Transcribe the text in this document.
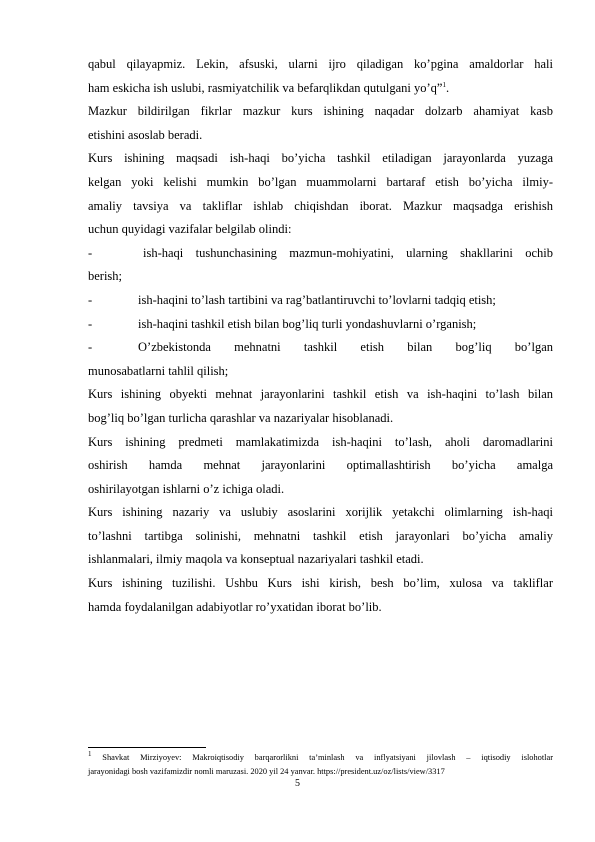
qabul qilayapmiz. Lekin, afsuski, ularni ijro qiladigan ko’pgina amaldorlar hali

ham eskicha ish uslubi, rasmiyatchilik va befarqlikdan qutulgani yo’q”$^1$.

Mazkur bildirilgan fikrlar mazkur kurs ishining naqadar dolzarb ahamiyat kasb

etishini asoslab beradi.

Kurs ishining maqsadi ish-haqi bo’yicha tashkil etiladigan jarayonlarda yuzaga

kelgan yoki kelishi mumkin bo’lgan muammolarni bartaraf etish bo’yicha ilmiy-

amaliy tavsiya va takliflar ishlab chiqishdan iborat. Mazkur maqsadga erishish

uchun quyidagi vazifalar belgilab olindi:

-	ish-haqi tushunchasining mazmun-mohiyatini, ularning shakllarini ochib

berish;

-	ish-haqini to’lash tartibini va rag’batlantiruvchi to’lovlarni tadqiq etish;
-	ish-haqini tashkil etish bilan bog’liq turli yondashuvlarni o’rganish;
-	O’zbekistonda mehnatni tashkil etish bilan bog’liq bo’lgan

munosabatlarni tahlil qilish;

Kurs ishining obyekti mehnat jarayonlarini tashkil etish va ish-haqini to’lash bilan

bog’liq bo’lgan turlicha qarashlar va nazariyalar hisoblanadi.

Kurs ishining predmeti mamlakatimizda ish-haqini to’lash, aholi daromadlarini

oshirish hamda mehnat jarayonlarini optimallashtirish bo’yicha amalga

oshirilayotgan ishlarni o’z ichiga oladi.

Kurs ishining nazariy va uslubiy asoslarini xorijlik yetakchi olimlarning ish-haqi

to’lashni tartibga solinishi, mehnatni tashkil etish jarayonlari bo’yicha amaliy

ishlanmalari, ilmiy maqola va konseptual nazariyalari tashkil etadi.

Kurs ishining tuzilishi. Ushbu Kurs ishi kirish, besh bo’lim, xulosa va takliflar

hamda foydalanilgan adabiyotlar ro’yxatidan iborat bo’lib.

$^1$ Shavkat Mirziyoyev: Makroiqtisodiy barqarorlikni ta’minlash va inflyatsiyani jilovlash – iqtisodiy islohotlar
jarayonidagi bosh vazifamizdir nomli maruzasi. 2020 yil 24 yanvar. https://president.uz/oz/lists/view/3317
5
